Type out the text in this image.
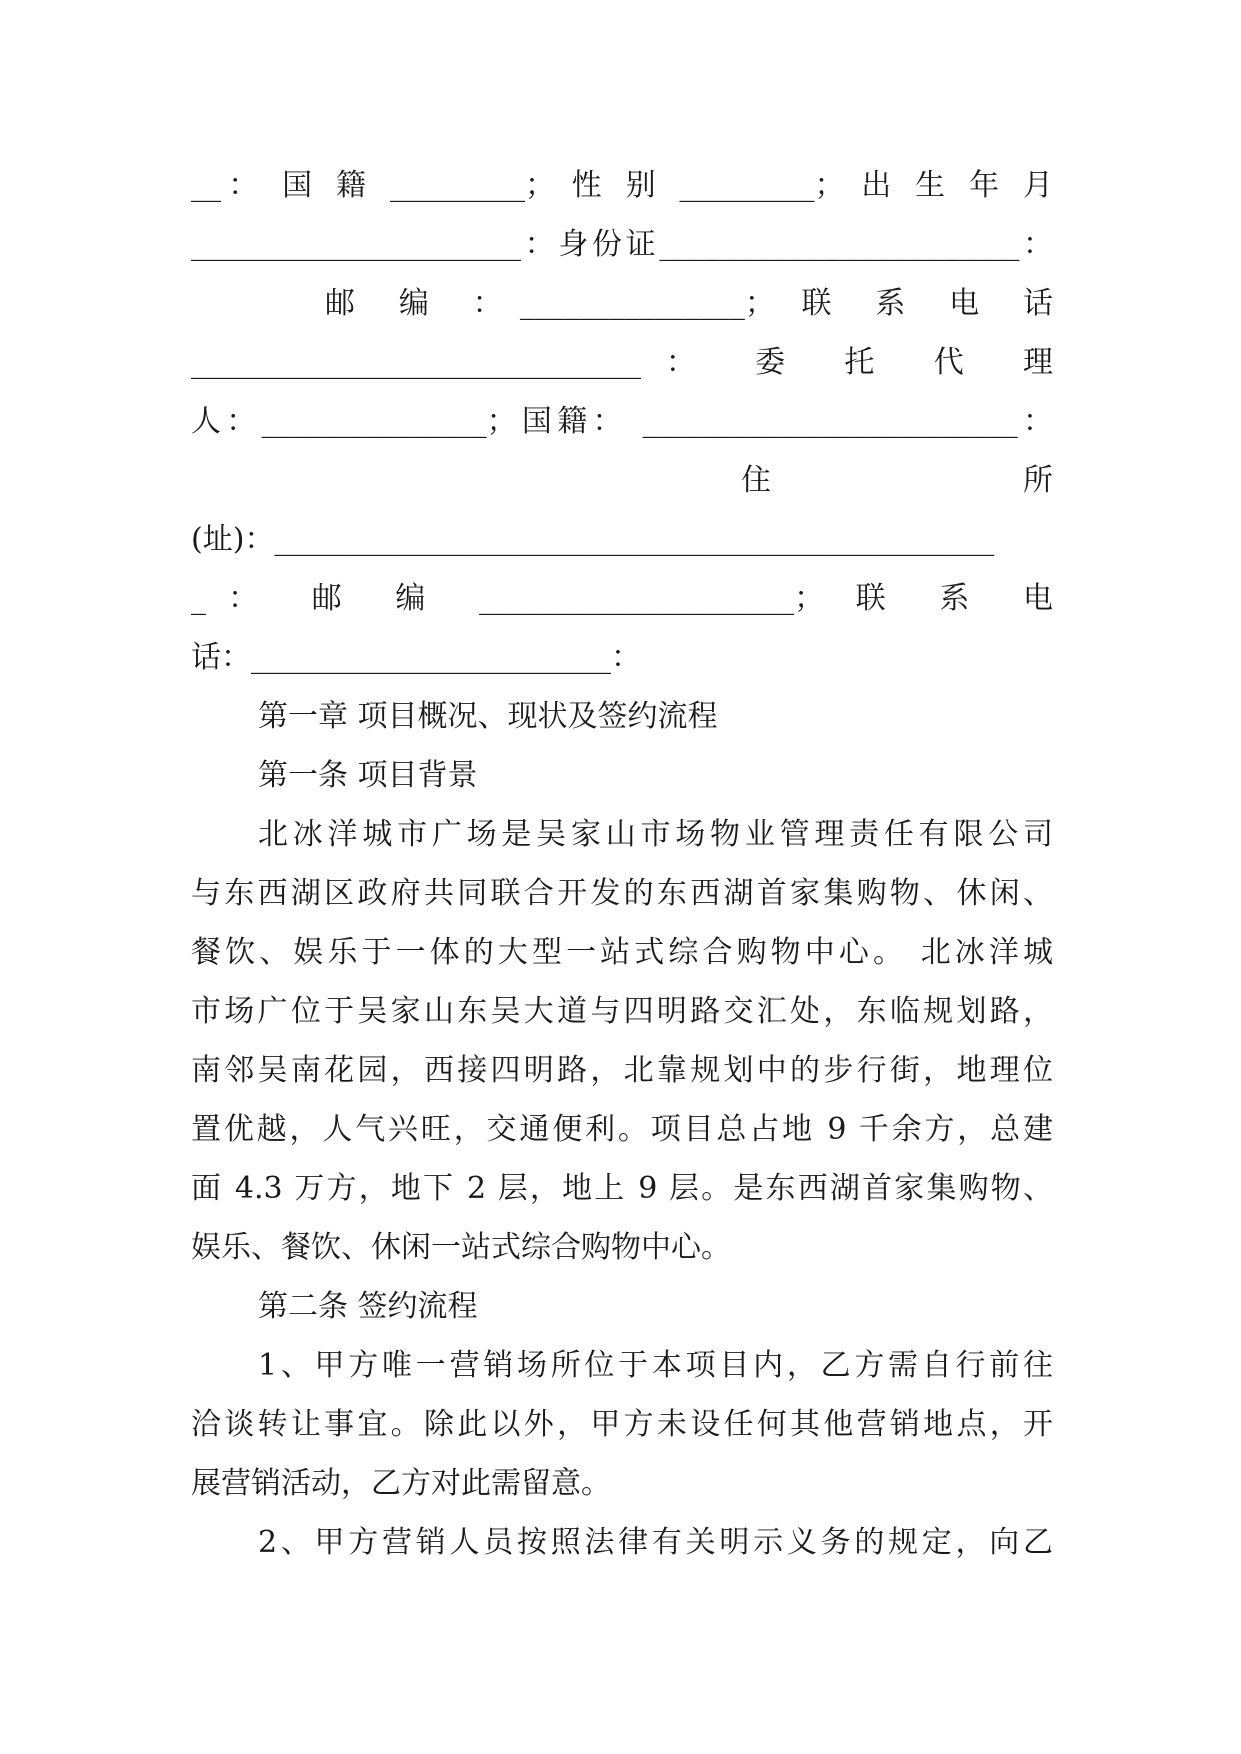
__： 国 籍 _________； 性 别 _________； 出 生 年 月
______________________：身份证________________________：
邮 编 ：_______________； 联 系 电 话
______________________________： 委 托 代 理
人：_______________；国籍： _________________________：
住 所
(址)：________________________________________________
_： 邮 编 _____________________； 联 系 电
话：________________________：
第一章 项目概况、现状及签约流程
第一条 项目背景
北冰洋城市广场是吴家山市场物业管理责任有限公司
与东西湖区政府共同联合开发的东西湖首家集购物、休闲、
餐饮、娱乐于一体的大型一站式综合购物中心。 北冰洋城
市场广位于吴家山东吴大道与四明路交汇处，东临规划路，
南邻吴南花园，西接四明路，北靠规划中的步行街，地理位
置优越，人气兴旺，交通便利。项目总占地 9 千余方，总建
面 4.3 万方，地下 2 层，地上 9 层。是东西湖首家集购物、
娱乐、餐饮、休闲一站式综合购物中心。
第二条 签约流程
1、甲方唯一营销场所位于本项目内，乙方需自行前往
洽谈转让事宜。除此以外，甲方未设任何其他营销地点，开
展营销活动，乙方对此需留意。
2、甲方营销人员按照法律有关明示义务的规定，向乙
